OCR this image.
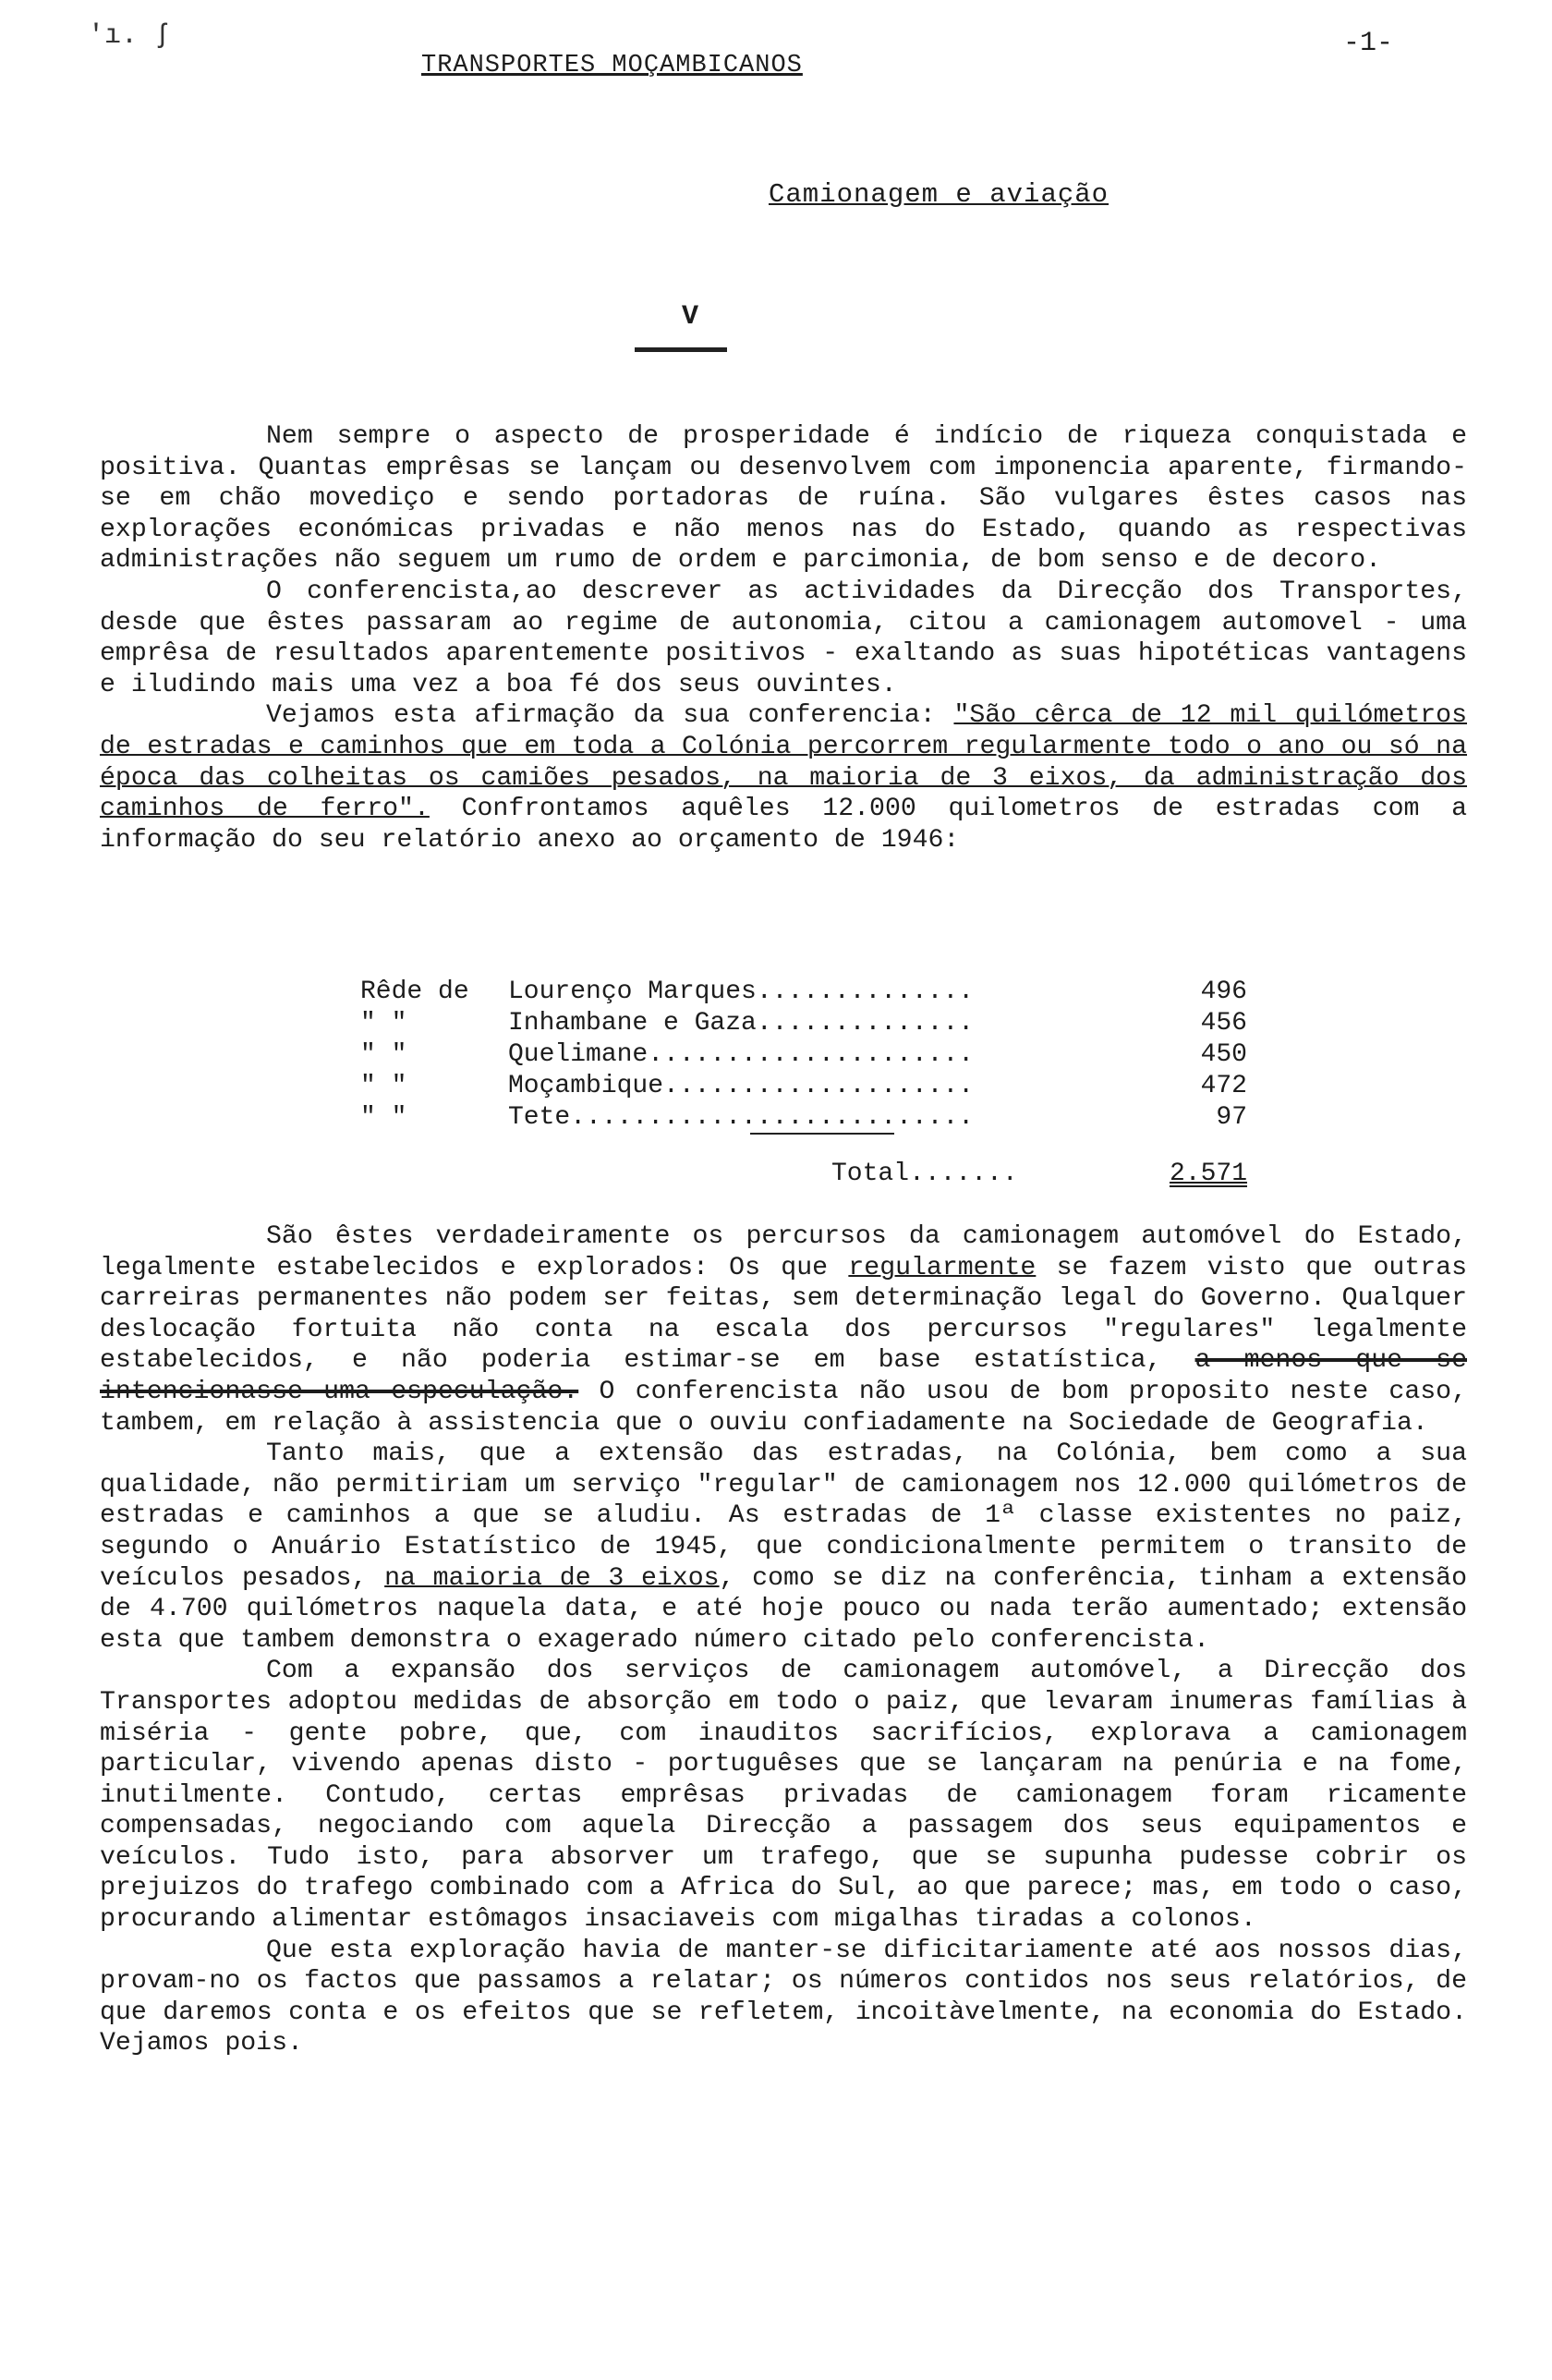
'ı. ʃ
TRANSPORTES MOÇAMBICANOS
-1-
Camionagem e aviação
V

Nem sempre o aspecto de prosperidade é indício de riqueza conquistada e positiva. Quantas emprêsas se lançam ou desenvolvem com imponencia aparente, firmando-se em chão movediço e sendo portadoras de ruína. São vulgares êstes casos nas explorações económicas privadas e não menos nas do Estado, quando as respectivas administrações não seguem um rumo de ordem e parcimonia, de bom senso e de decoro.

O conferencista,ao descrever as actividades da Direcção dos Transportes, desde que êstes passaram ao regime de autonomia, citou a camionagem automovel - uma emprêsa de resultados aparentemente positivos - exaltando as suas hipotéticas vantagens e iludindo mais uma vez a boa fé dos seus ouvintes.

Vejamos esta afirmação da sua conferencia: "São cêrca de 12 mil quilómetros de estradas e caminhos que em toda a Colónia percorrem regularmente todo o ano ou só na época das colheitas os camiões pesados, na maioria de 3 eixos, da administração dos caminhos de ferro". Confrontamos aquêles 12.000 quilometros de estradas com a informação do seu relatório anexo ao orçamento de 1946:

Rêde de	Lourenço Marques..............	496
" "	Inhambane e Gaza..............	456
" "	Quelimane.....................	450
" "	Moçambique....................	472
" "	Tete..........................	97
Total.......	2.571

São êstes verdadeiramente os percursos da camionagem automóvel do Estado, legalmente estabelecidos e explorados: Os que regularmente se fazem visto que outras carreiras permanentes não podem ser feitas, sem determinação legal do Governo. Qualquer deslocação fortuita não conta na escala dos percursos "regulares" legalmente estabelecidos, e não poderia estimar-se em base estatística, a menos que se intencionasse uma especulação. O conferencista não usou de bom proposito neste caso, tambem, em relação à assistencia que o ouviu confiadamente na Sociedade de Geografia.

Tanto mais, que a extensão das estradas, na Colónia, bem como a sua qualidade, não permitiriam um serviço "regular" de camionagem nos 12.000 quilómetros de estradas e caminhos a que se aludiu. As estradas de 1ª classe existentes no paiz, segundo o Anuário Estatístico de 1945, que condicionalmente permitem o transito de veículos pesados, na maioria de 3 eixos, como se diz na conferência, tinham a extensão de 4.700 quilómetros naquela data, e até hoje pouco ou nada terão aumentado; extensão esta que tambem demonstra o exagerado número citado pelo conferencista.

Com a expansão dos serviços de camionagem automóvel, a Direcção dos Transportes adoptou medidas de absorção em todo o paiz, que levaram inumeras famílias à miséria - gente pobre, que, com inauditos sacrifícios, explorava a camionagem particular, vivendo apenas disto - portuguêses que se lançaram na penúria e na fome, inutilmente. Contudo, certas emprêsas privadas de camionagem foram ricamente compensadas, negociando com aquela Direcção a passagem dos seus equipamentos e veículos. Tudo isto, para absorver um trafego, que se supunha pudesse cobrir os prejuizos do trafego combinado com a Africa do Sul, ao que parece; mas, em todo o caso, procurando alimentar estômagos insaciaveis com migalhas tiradas a colonos.

Que esta exploração havia de manter-se dificitariamente até aos nossos dias, provam-no os factos que passamos a relatar; os números contidos nos seus relatórios, de que daremos conta e os efeitos que se refletem, incoitàvelmente, na economia do Estado. Vejamos pois.
